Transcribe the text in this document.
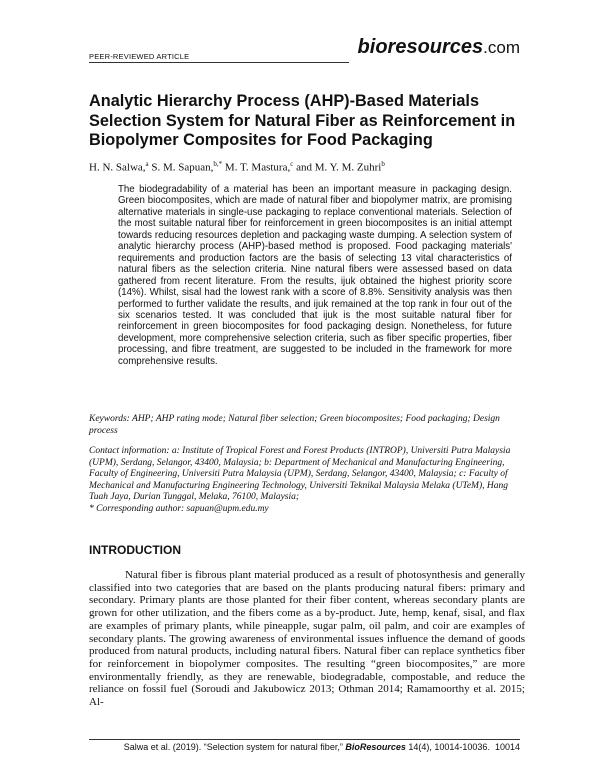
PEER-REVIEWED ARTICLE	bioresources.com
Analytic Hierarchy Process (AHP)-Based Materials Selection System for Natural Fiber as Reinforcement in Biopolymer Composites for Food Packaging

H. N. Salwa,$^a$ S. M. Sapuan,$^{b,*}$ M. T. Mastura,$^c$ and M. Y. M. Zuhri$^b$

The biodegradability of a material has been an important measure in packaging design. Green biocomposites, which are made of natural fiber and biopolymer matrix, are promising alternative materials in single-use packaging to replace conventional materials. Selection of the most suitable natural fiber for reinforcement in green biocomposites is an initial attempt towards reducing resources depletion and packaging waste dumping. A selection system of analytic hierarchy process (AHP)-based method is proposed. Food packaging materials' requirements and production factors are the basis of selecting 13 vital characteristics of natural fibers as the selection criteria. Nine natural fibers were assessed based on data gathered from recent literature. From the results, ijuk obtained the highest priority score (14%). Whilst, sisal had the lowest rank with a score of 8.8%. Sensitivity analysis was then performed to further validate the results, and ijuk remained at the top rank in four out of the six scenarios tested. It was concluded that ijuk is the most suitable natural fiber for reinforcement in green biocomposites for food packaging design. Nonetheless, for future development, more comprehensive selection criteria, such as fiber specific properties, fiber processing, and fibre treatment, are suggested to be included in the framework for more comprehensive results.

Keywords: AHP; AHP rating mode; Natural fiber selection; Green biocomposites; Food packaging; Design process

Contact information: a: Institute of Tropical Forest and Forest Products (INTROP), Universiti Putra Malaysia (UPM), Serdang, Selangor, 43400, Malaysia; b: Department of Mechanical and Manufacturing Engineering, Faculty of Engineering, Universiti Putra Malaysia (UPM), Serdang, Selangor, 43400, Malaysia; c: Faculty of Mechanical and Manufacturing Engineering Technology, Universiti Teknikal Malaysia Melaka (UTeM), Hang Tuah Jaya, Durian Tunggal, Melaka, 76100, Malaysia;
* Corresponding author: sapuan@upm.edu.my
INTRODUCTION

Natural fiber is fibrous plant material produced as a result of photosynthesis and generally classified into two categories that are based on the plants producing natural fibers: primary and secondary. Primary plants are those planted for their fiber content, whereas secondary plants are grown for other utilization, and the fibers come as a by-product. Jute, hemp, kenaf, sisal, and flax are examples of primary plants, while pineapple, sugar palm, oil palm, and coir are examples of secondary plants. The growing awareness of environmental issues influence the demand of goods produced from natural products, including natural fibers. Natural fiber can replace synthetics fiber for reinforcement in biopolymer composites. The resulting “green biocomposites,” are more environmentally friendly, as they are renewable, biodegradable, compostable, and reduce the reliance on fossil fuel (Soroudi and Jakubowicz 2013; Othman 2014; Ramamoorthy et al. 2015; Al-

Salwa et al. (2019). “Selection system for natural fiber,” BioResources 14(4), 10014-10036. 10014
